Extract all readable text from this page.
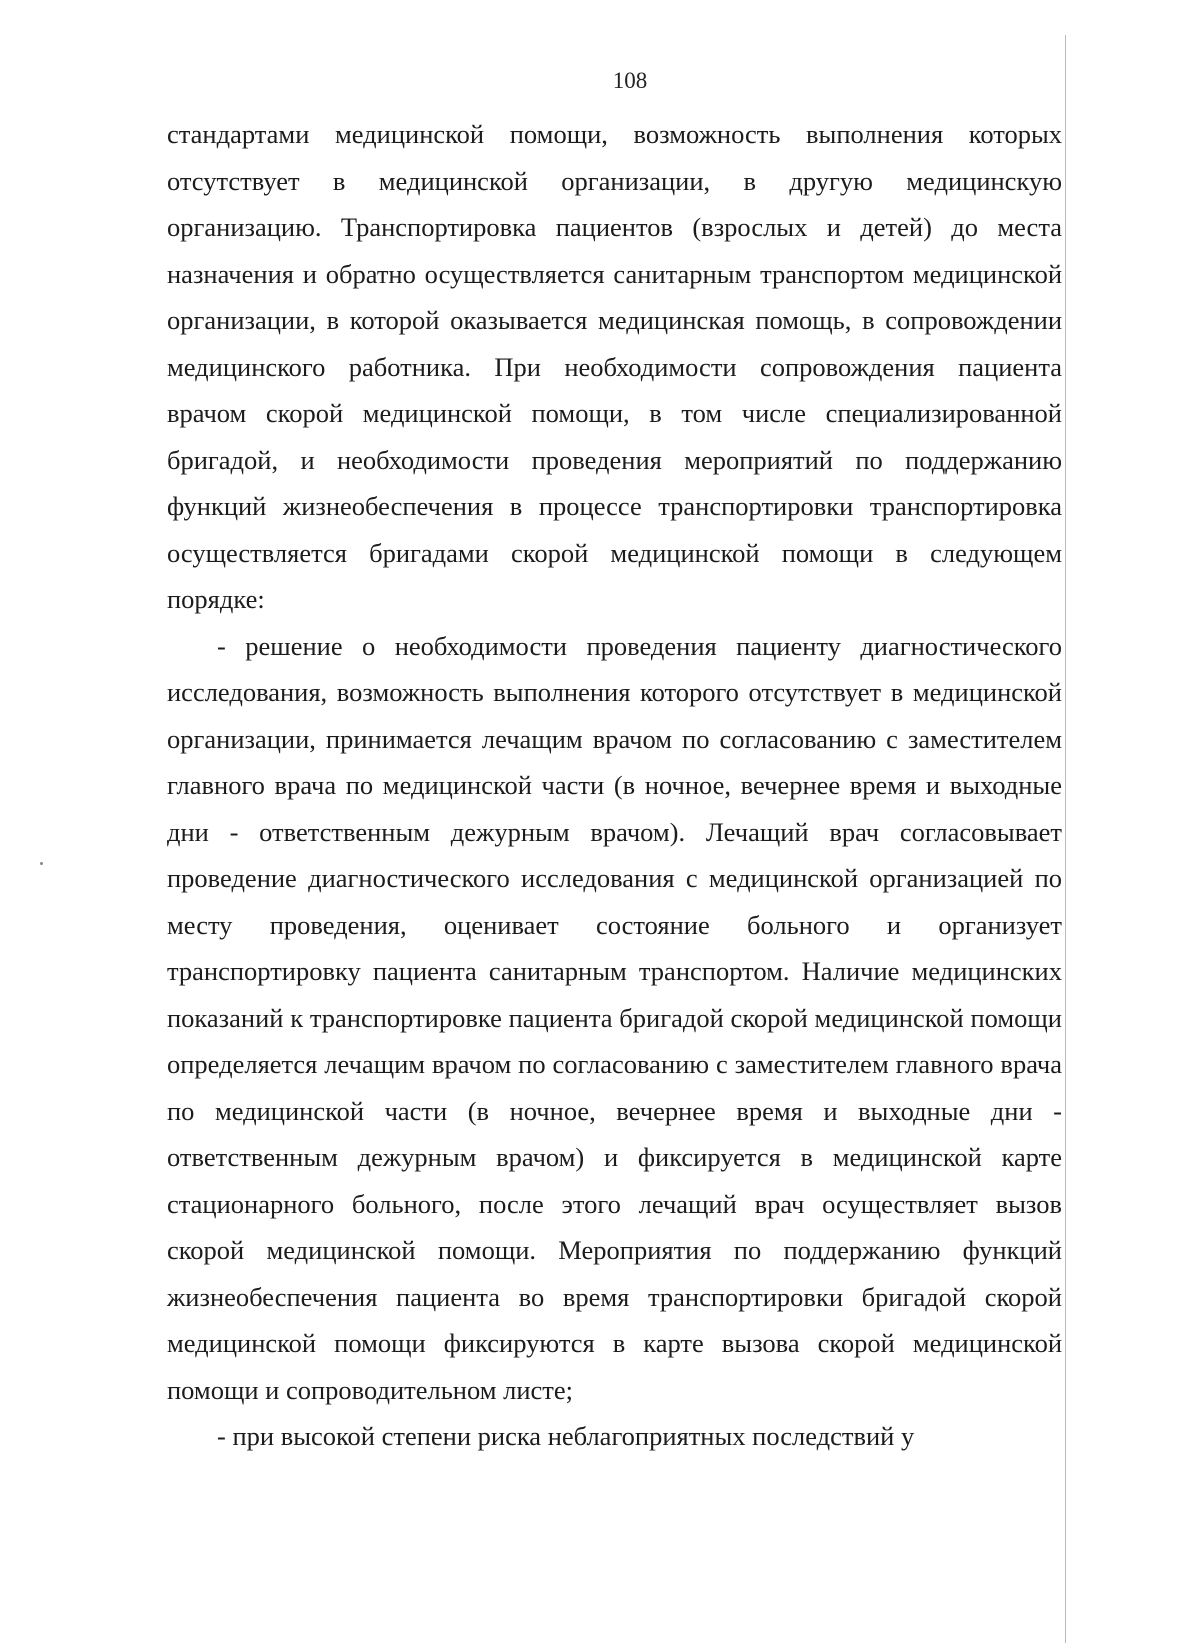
108

стандартами медицинской помощи, возможность выполнения которых отсутствует в медицинской организации, в другую медицинскую организацию. Транспортировка пациентов (взрослых и детей) до места назначения и обратно осуществляется санитарным транспортом медицинской организации, в которой оказывается медицинская помощь, в сопровождении медицинского работника. При необходимости сопровождения пациента врачом скорой медицинской помощи, в том числе специализированной бригадой, и необходимости проведения мероприятий по поддержанию функций жизнеобеспечения в процессе транспортировки транспортировка осуществляется бригадами скорой медицинской помощи в следующем порядке:

- решение о необходимости проведения пациенту диагностического исследования, возможность выполнения которого отсутствует в медицинской организации, принимается лечащим врачом по согласованию с заместителем главного врача по медицинской части (в ночное, вечернее время и выходные дни - ответственным дежурным врачом). Лечащий врач согласовывает проведение диагностического исследования с медицинской организацией по месту проведения, оценивает состояние больного и организует транспортировку пациента санитарным транспортом. Наличие медицинских показаний к транспортировке пациента бригадой скорой медицинской помощи определяется лечащим врачом по согласованию с заместителем главного врача по медицинской части (в ночное, вечернее время и выходные дни - ответственным дежурным врачом) и фиксируется в медицинской карте стационарного больного, после этого лечащий врач осуществляет вызов скорой медицинской помощи. Мероприятия по поддержанию функций жизнеобеспечения пациента во время транспортировки бригадой скорой медицинской помощи фиксируются в карте вызова скорой медицинской помощи и сопроводительном листе;

- при высокой степени риска неблагоприятных последствий у
